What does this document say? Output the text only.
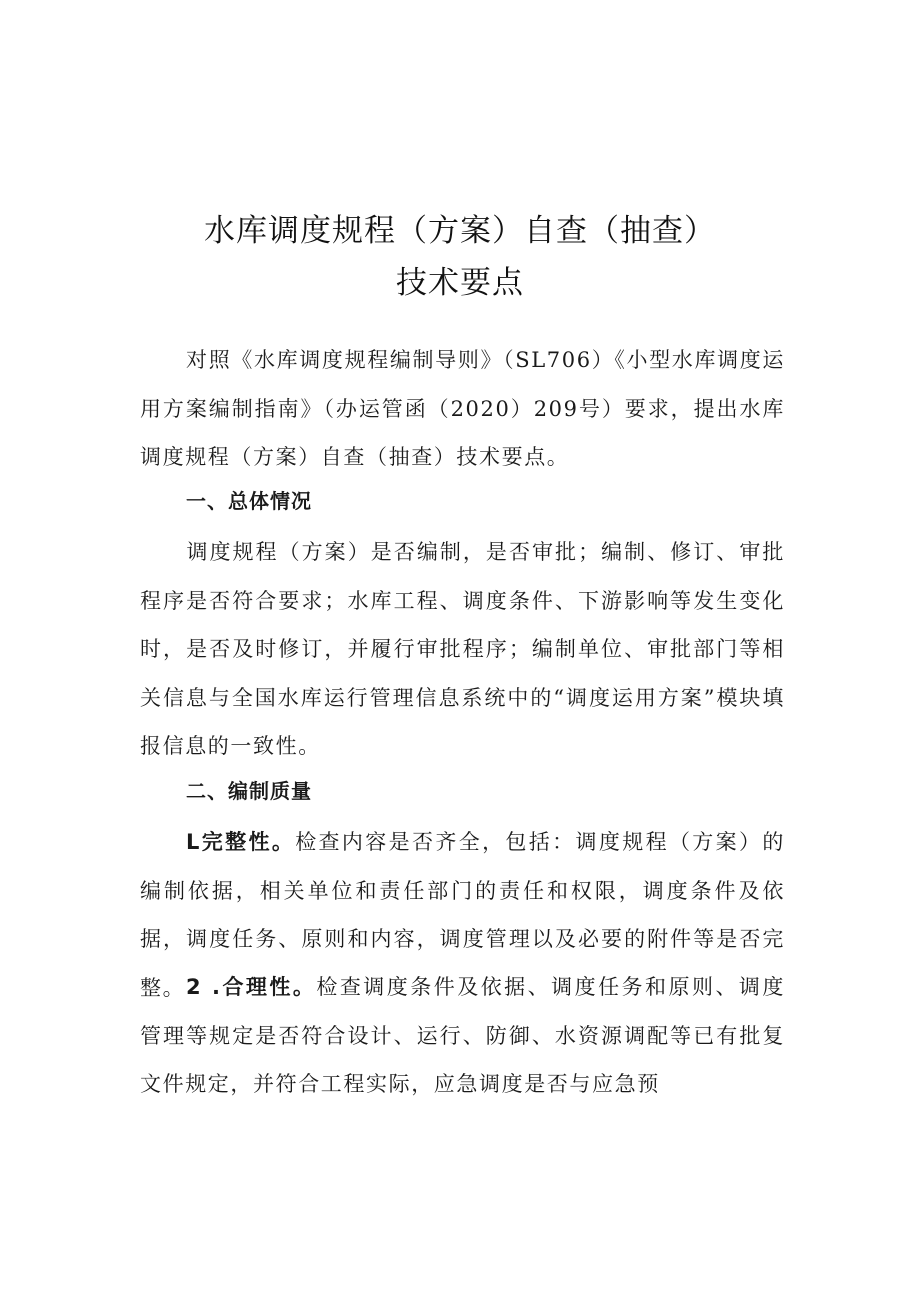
水库调度规程（方案）自查（抽查）
技术要点

对照《水库调度规程编制导则》（SL706）《小型水库调度运用方案编制指南》（办运管函（2020）209号）要求，提出水库调度规程（方案）自查（抽查）技术要点。

一、总体情况

调度规程（方案）是否编制，是否审批；编制、修订、审批程序是否符合要求；水库工程、调度条件、下游影响等发生变化时，是否及时修订，并履行审批程序；编制单位、审批部门等相关信息与全国水库运行管理信息系统中的“调度运用方案”模块填报信息的一致性。

二、编制质量

L完整性。检查内容是否齐全，包括：调度规程（方案）的编制依据，相关单位和责任部门的责任和权限，调度条件及依据，调度任务、原则和内容，调度管理以及必要的附件等是否完整。 2 .合理性。检查调度条件及依据、调度任务和原则、调度管理等规定是否符合设计、运行、防御、水资源调配等已有批复文件规定，并符合工程实际，应急调度是否与应急预
